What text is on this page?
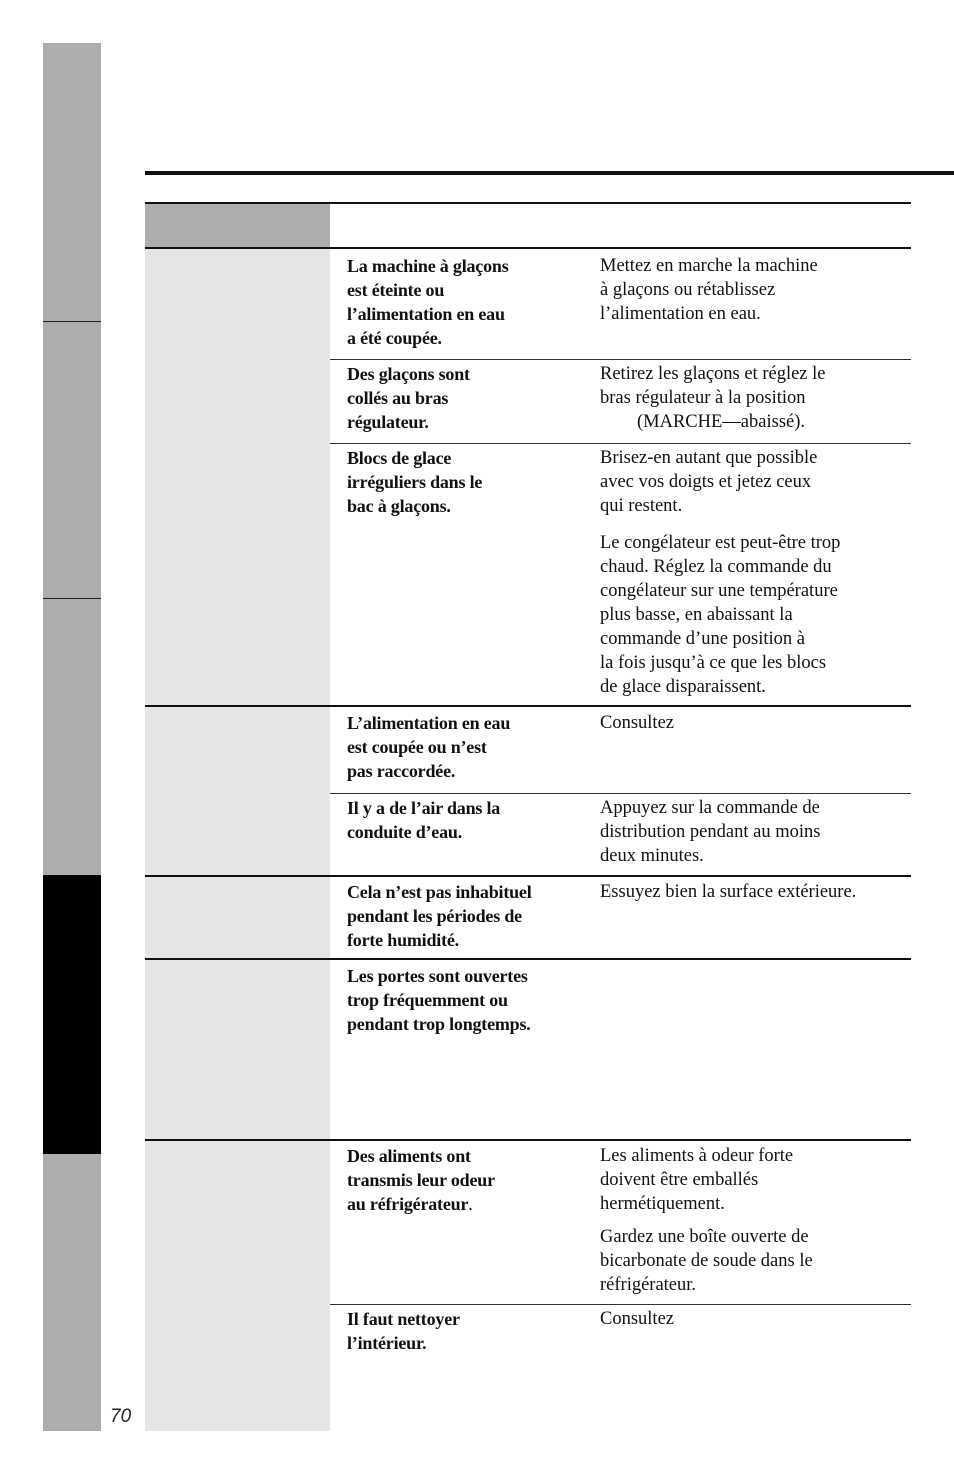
La machine à glaçons
est éteinte ou
l’alimentation en eau
a été coupée.
Mettez en marche la machine
à glaçons ou rétablissez
l’alimentation en eau.
Des glaçons sont
collés au bras
régulateur.
Retirez les glaçons et réglez le
bras régulateur à la position
(MARCHE—abaissé).
Blocs de glace
irréguliers dans le
bac à glaçons.
Brisez-en autant que possible
avec vos doigts et jetez ceux
qui restent.
Le congélateur est peut-être trop
chaud. Réglez la commande du
congélateur sur une température
plus basse, en abaissant la
commande d’une position à
la fois jusqu’à ce que les blocs
de glace disparaissent.
L’alimentation en eau
est coupée ou n’est
pas raccordée.
Consultez
Il y a de l’air dans la
conduite d’eau.
Appuyez sur la commande de
distribution pendant au moins
deux minutes.
Cela n’est pas inhabituel
pendant les périodes de
forte humidité.
Essuyez bien la surface extérieure.
Les portes sont ouvertes
trop fréquemment ou
pendant trop longtemps.
Des aliments ont
transmis leur odeur
au réfrigérateur.
Les aliments à odeur forte
doivent être emballés
hermétiquement.
Gardez une boîte ouverte de
bicarbonate de soude dans le
réfrigérateur.
Il faut nettoyer
l’intérieur.
Consultez
70
